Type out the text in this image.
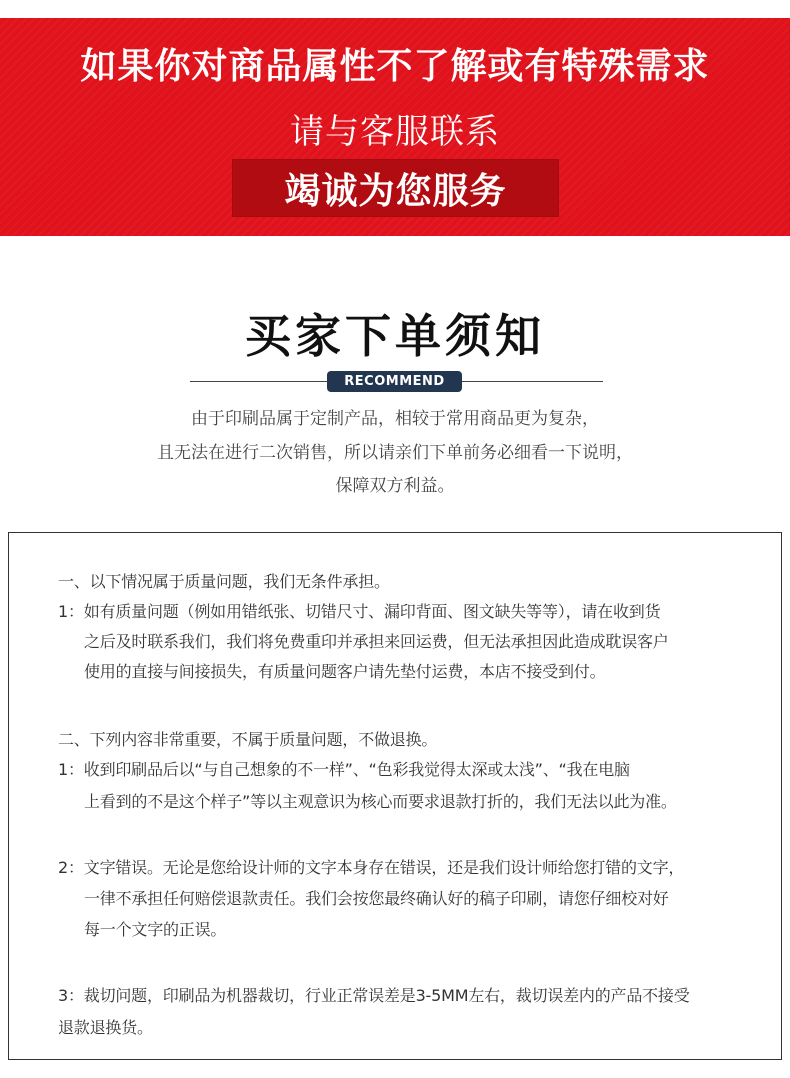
如果你对商品属性不了解或有特殊需求
请与客服联系
竭诚为您服务
买家下单须知
RECOMMEND

由于印刷品属于定制产品，相较于常用商品更为复杂，

且无法在进行二次销售，所以请亲们下单前务必细看一下说明，

保障双方利益。

一、以下情况属于质量问题，我们无条件承担。

1：如有质量问题（例如用错纸张、切错尺寸、漏印背面、图文缺失等等），请在收到货

之后及时联系我们，我们将免费重印并承担来回运费，但无法承担因此造成耽误客户

使用的直接与间接损失，有质量问题客户请先垫付运费，本店不接受到付。

二、下列内容非常重要，不属于质量问题，不做退换。

1：收到印刷品后以“与自己想象的不一样”、“色彩我觉得太深或太浅”、“我在电脑

上看到的不是这个样子”等以主观意识为核心而要求退款打折的，我们无法以此为准。

2：文字错误。无论是您给设计师的文字本身存在错误，还是我们设计师给您打错的文字，

一律不承担任何赔偿退款责任。我们会按您最终确认好的稿子印刷，请您仔细校对好

每一个文字的正误。

3：裁切问题，印刷品为机器裁切，行业正常误差是3-5MM左右，裁切误差内的产品不接受

退款退换货。
